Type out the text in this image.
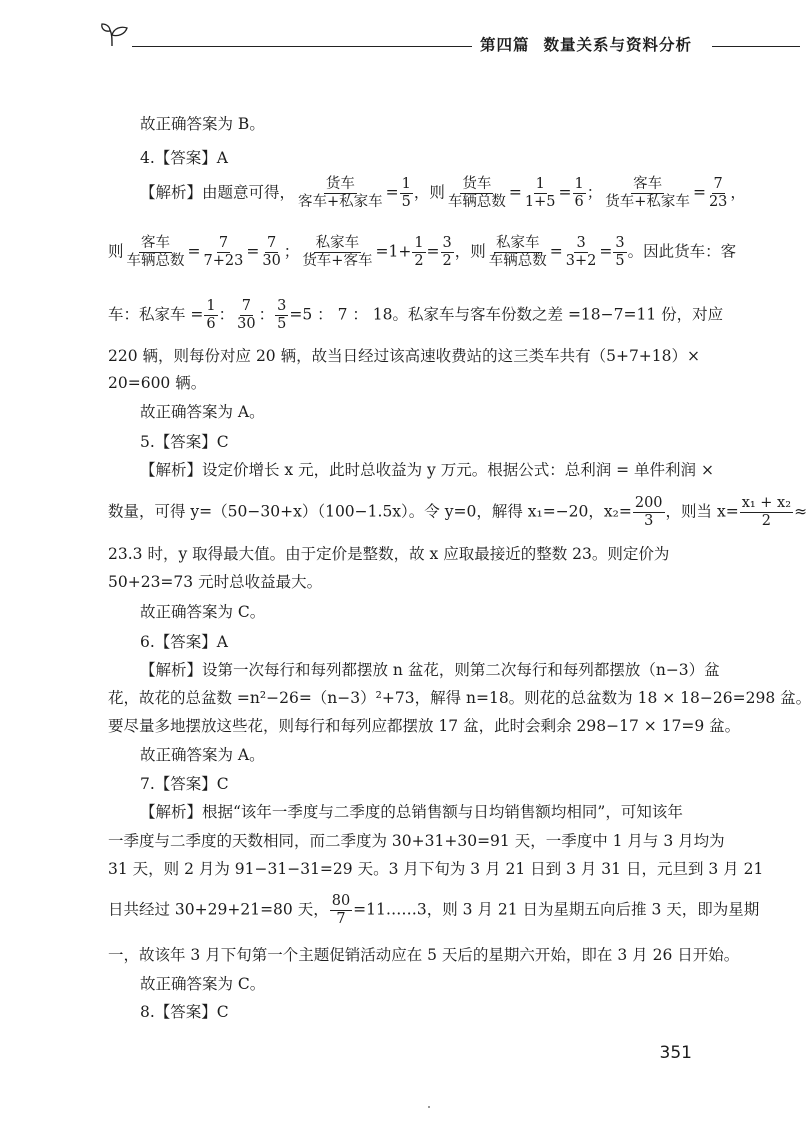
第四篇 数量关系与资料分析
故正确答案为 B。
4.【答案】A
【解析】由题意可得， $\frac{\text{货车}}{\text{客车+私家车}} = \frac{1}{5}$ ，则 $\frac{\text{货车}}{\text{车辆总数}} = \frac{1}{1+5} = \frac{1}{6}$ ； $\frac{\text{客车}}{\text{货车+私家车}} = \frac{7}{23}$ ，
则 $\frac{\text{客车}}{\text{车辆总数}} = \frac{7}{7+23} = \frac{7}{30}$ ； $\frac{\text{私家车}}{\text{货车+客车}} =1+ \frac{1}{2} = \frac{3}{2}$ ，则 $\frac{\text{私家车}}{\text{车辆总数}} = \frac{3}{3+2} = \frac{3}{5}$ 。因此货车：客
车：私家车 = $\frac{1}{6}$ ： $\frac{7}{30}$ ： $\frac{3}{5} =5$ ： 7 ： 18。私家车与客车份数之差 =18−7=11 份，对应
220 辆，则每份对应 20 辆，故当日经过该高速收费站的这三类车共有（5+7+18）×
20=600 辆。
故正确答案为 A。
5.【答案】C
【解析】设定价增长 x 元，此时总收益为 y 万元。根据公式：总利润 = 单件利润 ×
数量，可得 y=（50−30+x）（100−1.5x）。令 y=0，解得 x₁=−20，$x_2= \frac{200}{3}$ ，则当 $x= \frac{\text{x₁ + x₂}}{2}$ ≈
23.3 时，y 取得最大值。由于定价是整数，故 x 应取最接近的整数 23。则定价为
50+23=73 元时总收益最大。
故正确答案为 C。
6.【答案】A
【解析】设第一次每行和每列都摆放 n 盆花，则第二次每行和每列都摆放（n−3）盆
花，故花的总盆数 =n²−26=（n−3）²+73，解得 n=18。则花的总盆数为 18 × 18−26=298 盆。
要尽量多地摆放这些花，则每行和每列应都摆放 17 盆，此时会剩余 298−17 × 17=9 盆。
故正确答案为 A。
7.【答案】C
【解析】根据“该年一季度与二季度的总销售额与日均销售额均相同”，可知该年
一季度与二季度的天数相同，而二季度为 30+31+30=91 天，一季度中 1 月与 3 月均为
31 天，则 2 月为 91−31−31=29 天。3 月下旬为 3 月 21 日到 3 月 31 日，元旦到 3 月 21
日共经过 30+29+21=80 天， $\frac{80}{7}$ =11……3，则 3 月 21 日为星期五向后推 3 天，即为星期
一，故该年 3 月下旬第一个主题促销活动应在 5 天后的星期六开始，即在 3 月 26 日开始。
故正确答案为 C。
8.【答案】C
351
